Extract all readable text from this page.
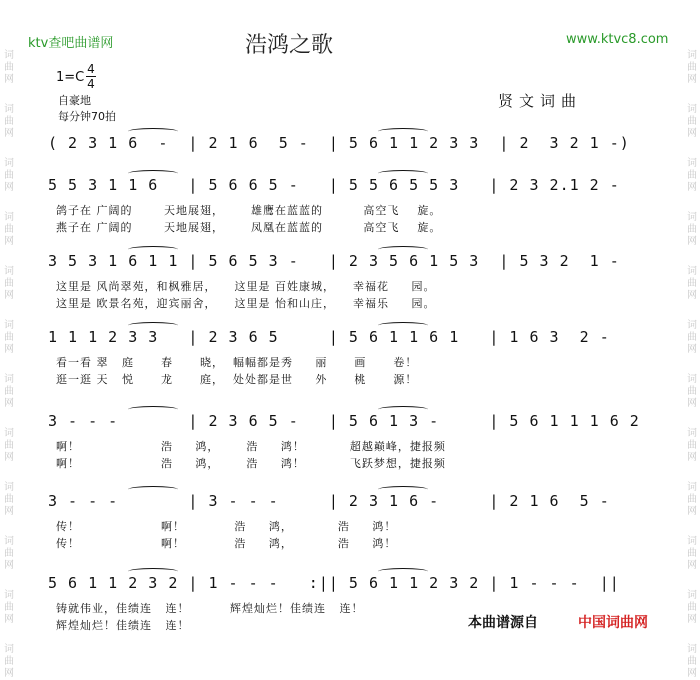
词
曲
网
词
曲
网
词
曲
网
词
曲
网
词
曲
网
词
曲
网
词
曲
网
词
曲
网
词
曲
网
词
曲
网
词
曲
网
词
曲
网
词
曲
网
词
曲
网
词
曲
网
词
曲
网
词
曲
网
词
曲
网
词
曲
网
词
曲
网
词
曲
网
词
曲
网
词
曲
网
词
曲
网
ktv查吧曲谱网	www.ktvc8.com
浩鸿之歌
1=C
4
4
自豪地
每分钟70拍
贤文词曲
( 2 3 1 6  -  | 2 1 6  5 -  | 5 6 1 1 2 3 3  | 2  3 2 1 -)
5 5 3 1 1 6   | 5 6 6 5 -   | 5 5 6 5 5 3   | 2 3 2.1 2 -
鸽子在 广阔的       天地展翅，      雄鹰在蓝蓝的         高空飞    旋。
燕子在 广阔的       天地展翅，      凤凰在蓝蓝的         高空飞    旋。
3 5 3 1 6 1 1 | 5 6 5 3 -   | 2 3 5 6 1 5 3  | 5 3 2  1 -
这里是 风尚翠苑，和枫雅居，    这里是 百姓康城，    幸福花     园。
这里是 欧景名苑，迎宾丽舍，    这里是 怡和山庄，    幸福乐     园。
1 1 1 2 3 3   | 2 3 6 5     | 5 6 1 1 6 1   | 1 6 3  2 -
看一看 翠   庭      春      晓，  幅幅都是秀     丽      画      卷！
逛一逛 天   悦      龙      庭，  处处都是世     外      桃      源！
3 - - -       | 2 3 6 5 -   | 5 6 1 3 -     | 5 6 1 1 1 6 2
啊！                  浩     鸿，      浩     鸿！          超越巅峰，捷报频
啊！                  浩     鸿，      浩     鸿！          飞跃梦想，捷报频
3 - - -       | 3 - - -     | 2 3 1 6 -     | 2 1 6  5 -
传！                  啊！           浩     鸿，          浩     鸿！
传！                  啊！           浩     鸿，          浩     鸿！
5 6 1 1 2 3 2 | 1 - - -   :|| 5 6 1 1 2 3 2 | 1 - - -  ||
铸就伟业，佳绩连   连！         辉煌灿烂！佳绩连   连！
辉煌灿烂！佳绩连   连！	本曲谱源自	中国词曲网
